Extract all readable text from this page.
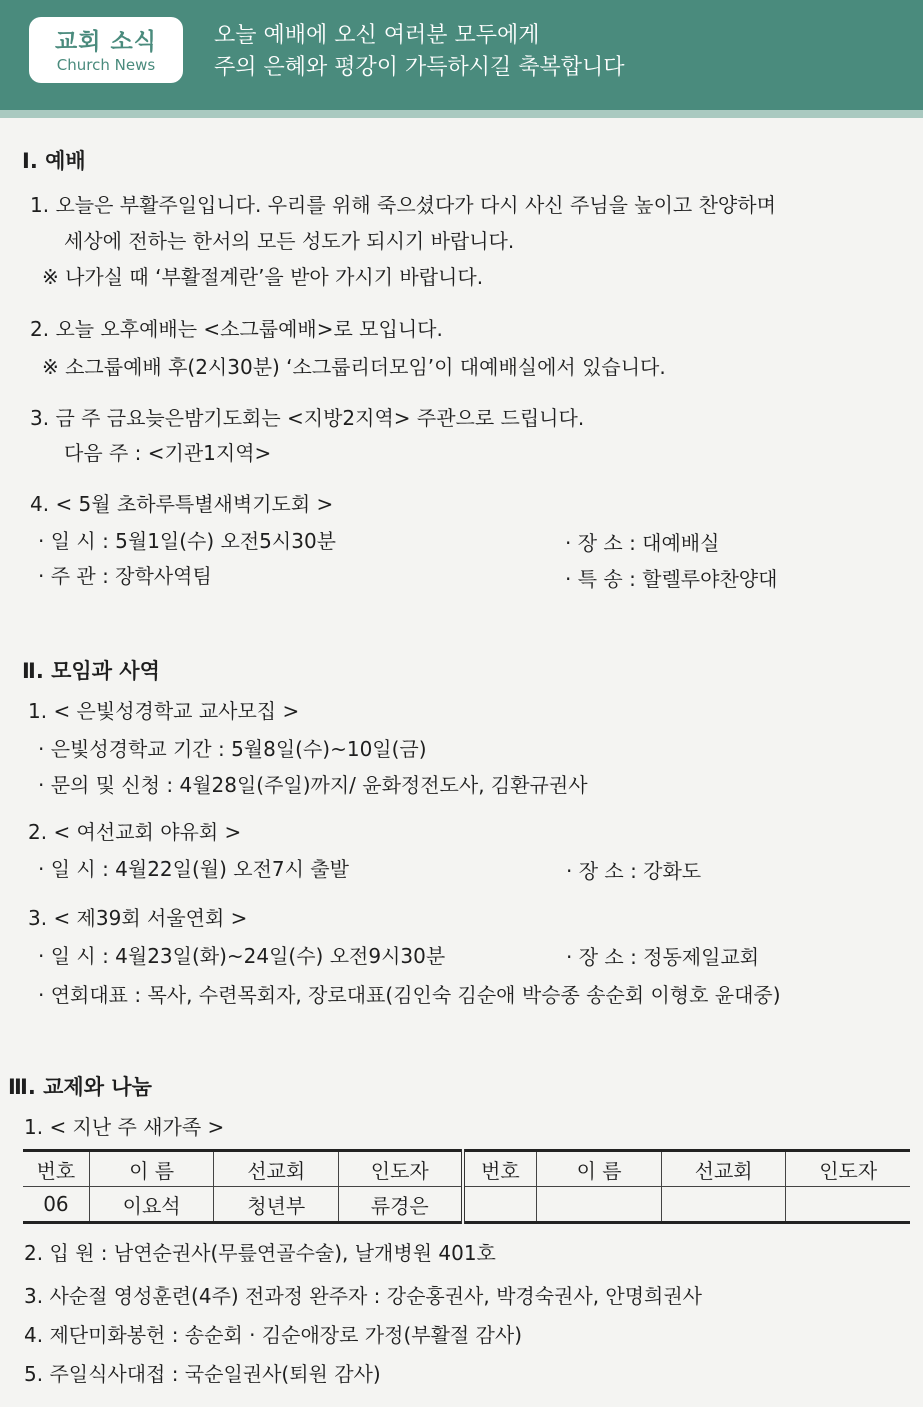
교회 소식
Church News
오늘 예배에 오신 여러분 모두에게
주의 은혜와 평강이 가득하시길 축복합니다
Ⅰ. 예배
1. 오늘은 부활주일입니다. 우리를 위해 죽으셨다가 다시 사신 주님을 높이고 찬양하며
세상에 전하는 한서의 모든 성도가 되시기 바랍니다.
※ 나가실 때 ‘부활절계란’을 받아 가시기 바랍니다.
2. 오늘 오후예배는 <소그룹예배>로 모입니다.
※ 소그룹예배 후(2시30분) ‘소그룹리더모임’이 대예배실에서 있습니다.
3. 금 주 금요늦은밤기도회는 <지방2지역> 주관으로 드립니다.
다음 주 : <기관1지역>
4. < 5월 초하루특별새벽기도회 >
· 일 시 : 5월1일(수) 오전5시30분	· 장 소 : 대예배실
· 주 관 : 장학사역팀	· 특 송 : 할렐루야찬양대
Ⅱ. 모임과 사역
1. < 은빛성경학교 교사모집 >
· 은빛성경학교 기간 : 5월8일(수)~10일(금)
· 문의 및 신청 : 4월28일(주일)까지/ 윤화정전도사, 김환규권사
2. < 여선교회 야유회 >
· 일 시 : 4월22일(월) 오전7시 출발	· 장 소 : 강화도
3. < 제39회 서울연회 >
· 일 시 : 4월23일(화)~24일(수) 오전9시30분	· 장 소 : 정동제일교회
· 연회대표 : 목사, 수련목회자, 장로대표(김인숙 김순애 박승종 송순회 이형호 윤대중)
Ⅲ. 교제와 나눔
1. < 지난 주 새가족 >
번호	이 름	선교회	인도자	번호	이 름	선교회	인도자
06	이요석	청년부	류경은				
2. 입 원 : 남연순권사(무릎연골수술), 날개병원 401호
3. 사순절 영성훈련(4주) 전과정 완주자 : 강순홍권사, 박경숙권사, 안명희권사
4. 제단미화봉헌 : 송순회 · 김순애장로 가정(부활절 감사)
5. 주일식사대접 : 국순일권사(퇴원 감사)
